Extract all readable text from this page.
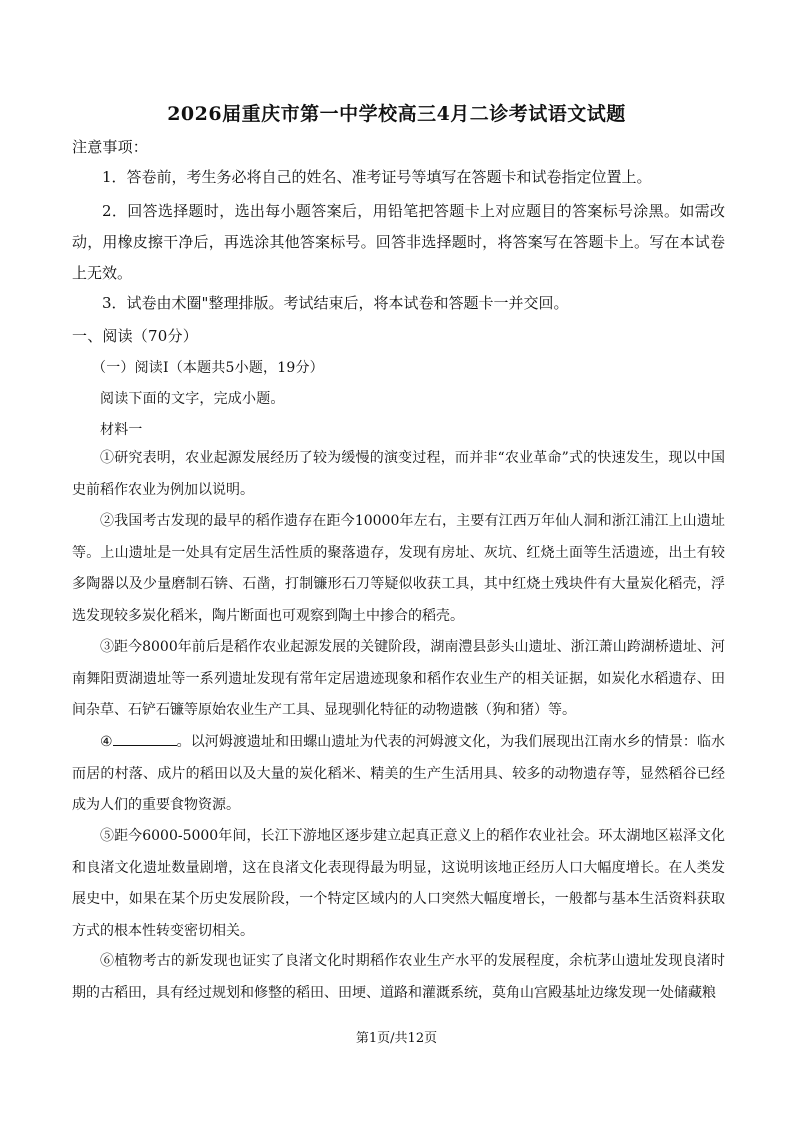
2026届重庆市第一中学校高三4月二诊考试语文试题
注意事项：
1．答卷前，考生务必将自己的姓名、准考证号等填写在答题卡和试卷指定位置上。
2．回答选择题时，选出每小题答案后，用铅笔把答题卡上对应题目的答案标号涂黑。如需改动，用橡皮擦干净后，再选涂其他答案标号。回答非选择题时，将答案写在答题卡上。写在本试卷上无效。
3．试卷由术圈"整理排版。考试结束后，将本试卷和答题卡一并交回。
一、阅读（70分）
（一）阅读Ⅰ（本题共5小题，19分）
阅读下面的文字，完成小题。
材料一
①研究表明，农业起源发展经历了较为缓慢的演变过程，而并非“农业革命”式的快速发生，现以中国史前稻作农业为例加以说明。
②我国考古发现的最早的稻作遗存在距今10000年左右，主要有江西万年仙人洞和浙江浦江上山遗址等。上山遗址是一处具有定居生活性质的聚落遗存，发现有房址、灰坑、红烧土面等生活遗迹，出土有较多陶器以及少量磨制石锛、石凿，打制镰形石刀等疑似收获工具，其中红烧土残块件有大量炭化稻壳，浮选发现较多炭化稻米，陶片断面也可观察到陶土中掺合的稻壳。
③距今8000年前后是稻作农业起源发展的关键阶段，湖南澧县彭头山遗址、浙江萧山跨湖桥遗址、河南舞阳贾湖遗址等一系列遗址发现有常年定居遗迹现象和稻作农业生产的相关证据，如炭化水稻遗存、田间杂草、石铲石镰等原始农业生产工具、显现驯化特征的动物遗骸（狗和猪）等。
④	。以河姆渡遗址和田螺山遗址为代表的河姆渡文化，为我们展现出江南水乡的情景：临水而居的村落、成片的稻田以及大量的炭化稻米、精美的生产生活用具、较多的动物遗存等，显然稻谷已经成为人们的重要食物资源。
⑤距今6000-5000年间，长江下游地区逐步建立起真正意义上的稻作农业社会。环太湖地区崧泽文化和良渚文化遗址数量剧增，这在良渚文化表现得最为明显，这说明该地正经历人口大幅度增长。在人类发展史中，如果在某个历史发展阶段，一个特定区域内的人口突然大幅度增长，一般都与基本生活资料获取方式的根本性转变密切相关。
⑥植物考古的新发现也证实了良渚文化时期稻作农业生产水平的发展程度，余杭茅山遗址发现良渚时期的古稻田，具有经过规划和修整的稻田、田埂、道路和灌溉系统，莫角山宫殿基址边缘发现一处储藏粮
第1页/共12页
